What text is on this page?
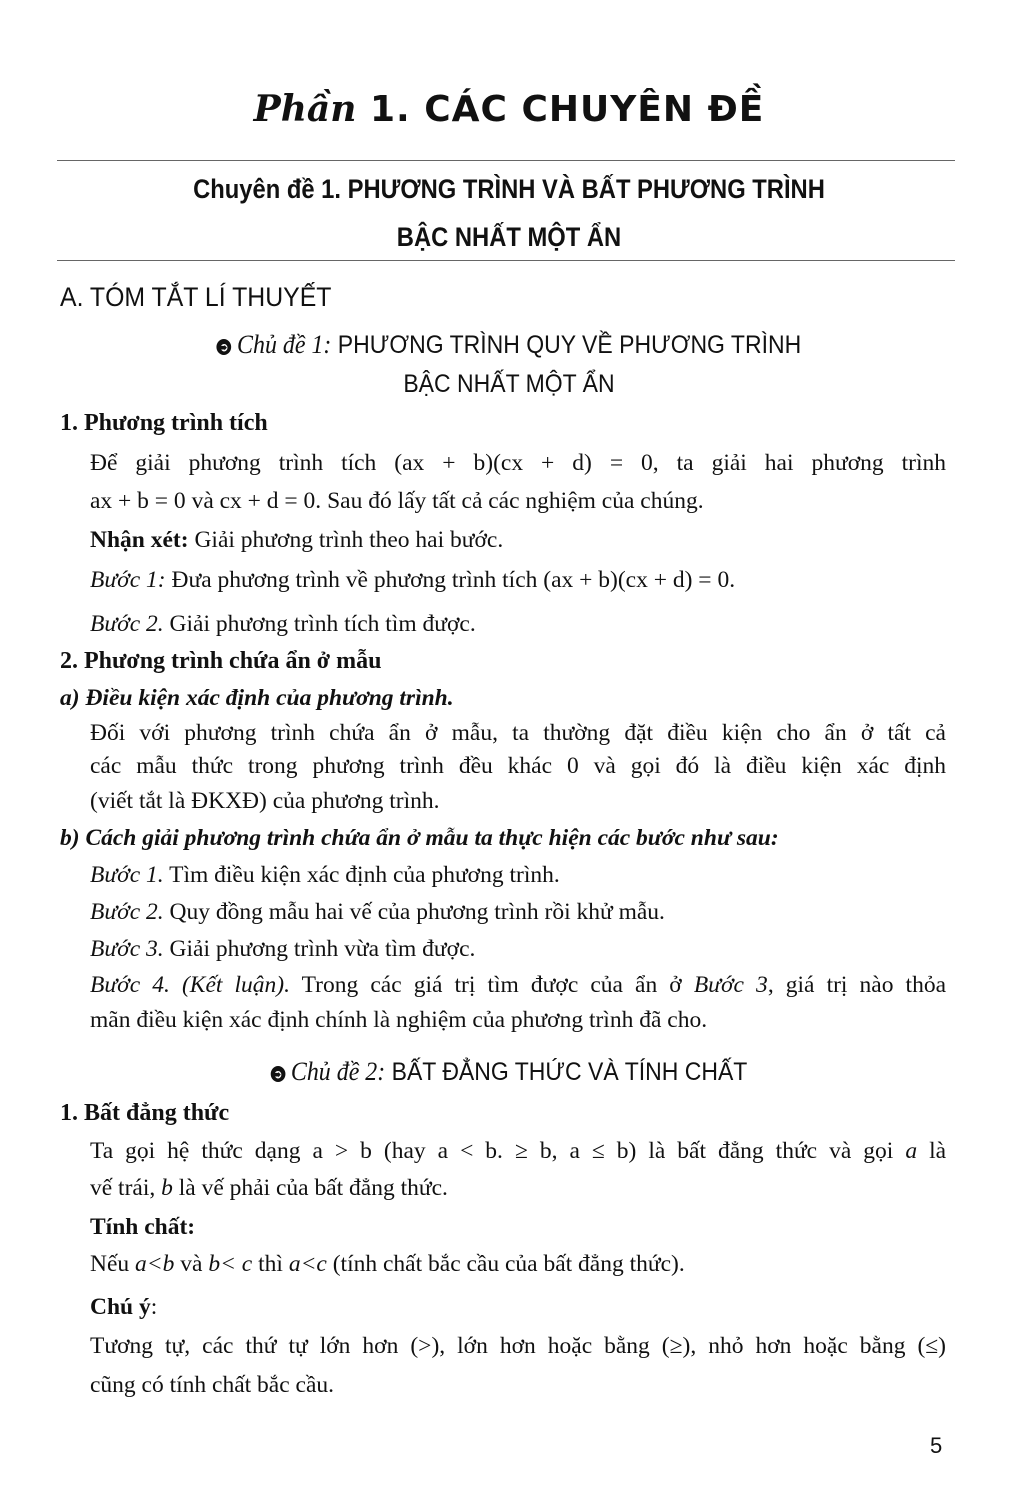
Phần 1. CÁC CHUYÊN ĐỀ
Chuyên đề 1. PHƯƠNG TRÌNH VÀ BẤT PHƯƠNG TRÌNH
BẬC NHẤT MỘT ẨN
A. TÓM TẮT LÍ THUYẾT
➲ Chủ đề 1: PHƯƠNG TRÌNH QUY VỀ PHƯƠNG TRÌNH
BẬC NHẤT MỘT ẨN
1. Phương trình tích
Để giải phương trình tích (ax + b)(cx + d) = 0, ta giải hai phương trình
ax + b = 0 và cx + d = 0. Sau đó lấy tất cả các nghiệm của chúng.
Nhận xét: Giải phương trình theo hai bước.
Bước 1: Đưa phương trình về phương trình tích (ax + b)(cx + d) = 0.
Bước 2. Giải phương trình tích tìm được.
2. Phương trình chứa ẩn ở mẫu
a) Điều kiện xác định của phương trình.
Đối với phương trình chứa ẩn ở mẫu, ta thường đặt điều kiện cho ẩn ở tất cả
các mẫu thức trong phương trình đều khác 0 và gọi đó là điều kiện xác định
(viết tắt là ĐKXĐ) của phương trình.
b) Cách giải phương trình chứa ẩn ở mẫu ta thực hiện các bước như sau:
Bước 1. Tìm điều kiện xác định của phương trình.
Bước 2. Quy đồng mẫu hai vế của phương trình rồi khử mẫu.
Bước 3. Giải phương trình vừa tìm được.
Bước 4. (Kết luận). Trong các giá trị tìm được của ẩn ở Bước 3, giá trị nào thỏa
mãn điều kiện xác định chính là nghiệm của phương trình đã cho.
➲ Chủ đề 2: BẤT ĐẲNG THỨC VÀ TÍNH CHẤT
1. Bất đẳng thức
Ta gọi hệ thức dạng a > b (hay a < b. ≥ b, a ≤ b) là bất đẳng thức và gọi a là
vế trái, b là vế phải của bất đẳng thức.
Tính chất:
Nếu a<b và b< c thì a<c (tính chất bắc cầu của bất đẳng thức).
Chú ý:
Tương tự, các thứ tự lớn hơn (>), lớn hơn hoặc bằng (≥), nhỏ hơn hoặc bằng (≤)
cũng có tính chất bắc cầu.
5
